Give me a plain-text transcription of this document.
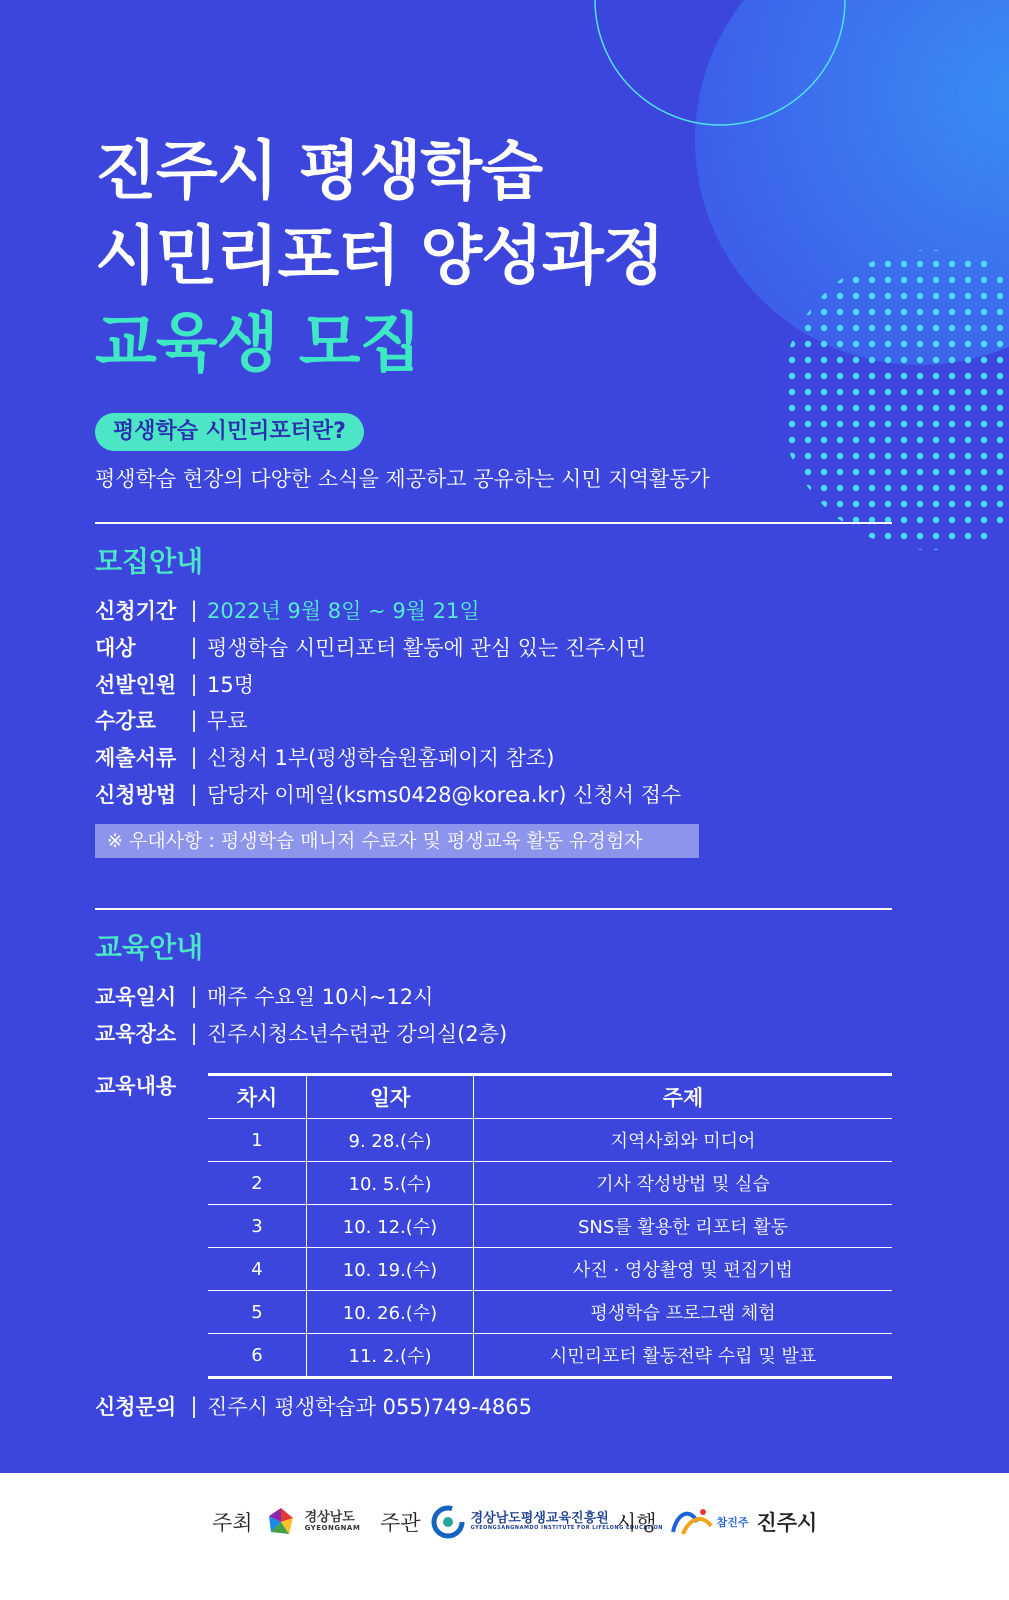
진주시 평생학습
시민리포터 양성과정
교육생 모집
평생학습 시민리포터란?
평생학습 현장의 다양한 소식을 제공하고 공유하는 시민 지역활동가
모집안내
신청기간 | 2022년 9월 8일 ~ 9월 21일
대상	| 평생학습 시민리포터 활동에 관심 있는 진주시민
선발인원 | 15명
수강료	| 무료
제출서류 | 신청서 1부(평생학습원홈페이지 참조)
신청방법 | 담당자 이메일(ksms0428@korea.kr) 신청서 접수
※ 우대사항 : 평생학습 매니저 수료자 및 평생교육 활동 유경험자
교육안내
교육일시 | 매주 수요일 10시~12시
교육장소 | 진주시청소년수련관 강의실(2층)
교육내용	차시	일자	주제
1	9. 28.(수)	지역사회와 미디어
2	10. 5.(수)	기사 작성방법 및 실습
3	10. 12.(수)	SNS를 활용한 리포터 활동
4	10. 19.(수)	사진 · 영상촬영 및 편집기법
5	10. 26.(수)	평생학습 프로그램 체험
6	11. 2.(수)	시민리포터 활동전략 수립 및 발표
신청문의 | 진주시 평생학습과 055)749-4865
주최	경상남도
GYEONGNAM 주관	경상남도평생교육진흥원
GYEONGSANGNAMDO INSTITUTE FOR LIFELONG EDUCATION
시행	참진주 진주시
